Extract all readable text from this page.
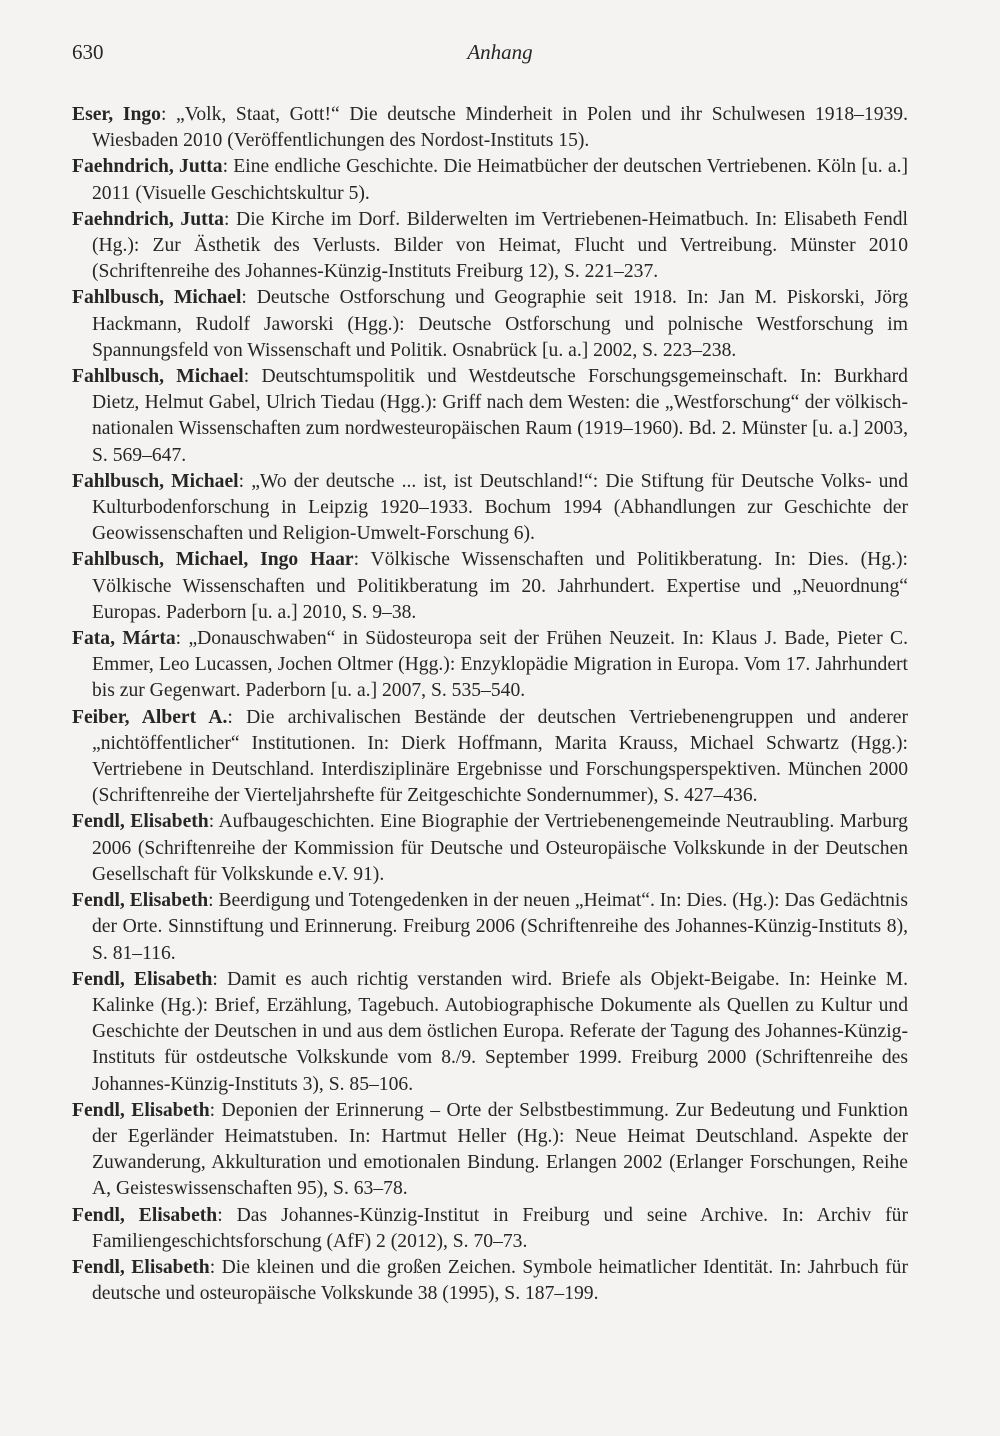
630	Anhang

Eser, Ingo: „Volk, Staat, Gott!“ Die deutsche Minderheit in Polen und ihr Schulwesen 1918–1939. Wiesbaden 2010 (Veröffentlichungen des Nordost-Instituts 15).

Faehndrich, Jutta: Eine endliche Geschichte. Die Heimatbücher der deutschen Vertriebenen. Köln [u. a.] 2011 (Visuelle Geschichtskultur 5).

Faehndrich, Jutta: Die Kirche im Dorf. Bilderwelten im Vertriebenen-Heimatbuch. In: Elisabeth Fendl (Hg.): Zur Ästhetik des Verlusts. Bilder von Heimat, Flucht und Vertreibung. Münster 2010 (Schriftenreihe des Johannes-Künzig-Instituts Freiburg 12), S. 221–237.

Fahlbusch, Michael: Deutsche Ostforschung und Geographie seit 1918. In: Jan M. Piskorski, Jörg Hackmann, Rudolf Jaworski (Hgg.): Deutsche Ostforschung und polnische Westforschung im Spannungsfeld von Wissenschaft und Politik. Osnabrück [u. a.] 2002, S. 223–238.

Fahlbusch, Michael: Deutschtumspolitik und Westdeutsche Forschungsgemeinschaft. In: Burkhard Dietz, Helmut Gabel, Ulrich Tiedau (Hgg.): Griff nach dem Westen: die „Westforschung“ der völkisch-nationalen Wissenschaften zum nordwesteuropäischen Raum (1919–1960). Bd. 2. Münster [u. a.] 2003, S. 569–647.

Fahlbusch, Michael: „Wo der deutsche ... ist, ist Deutschland!“: Die Stiftung für Deutsche Volks- und Kulturbodenforschung in Leipzig 1920–1933. Bochum 1994 (Abhandlungen zur Geschichte der Geowissenschaften und Religion-Umwelt-Forschung 6).

Fahlbusch, Michael, Ingo Haar: Völkische Wissenschaften und Politikberatung. In: Dies. (Hg.): Völkische Wissenschaften und Politikberatung im 20. Jahrhundert. Expertise und „Neuordnung“ Europas. Paderborn [u. a.] 2010, S. 9–38.

Fata, Márta: „Donauschwaben“ in Südosteuropa seit der Frühen Neuzeit. In: Klaus J. Bade, Pieter C. Emmer, Leo Lucassen, Jochen Oltmer (Hgg.): Enzyklopädie Migration in Europa. Vom 17. Jahrhundert bis zur Gegenwart. Paderborn [u. a.] 2007, S. 535–540.

Feiber, Albert A.: Die archivalischen Bestände der deutschen Vertriebenengruppen und anderer „nichtöffentlicher“ Institutionen. In: Dierk Hoffmann, Marita Krauss, Michael Schwartz (Hgg.): Vertriebene in Deutschland. Interdisziplinäre Ergebnisse und Forschungsperspektiven. München 2000 (Schriftenreihe der Vierteljahrshefte für Zeitgeschichte Sondernummer), S. 427–436.

Fendl, Elisabeth: Aufbaugeschichten. Eine Biographie der Vertriebenengemeinde Neutraubling. Marburg 2006 (Schriftenreihe der Kommission für Deutsche und Osteuropäische Volkskunde in der Deutschen Gesellschaft für Volkskunde e.V. 91).

Fendl, Elisabeth: Beerdigung und Totengedenken in der neuen „Heimat“. In: Dies. (Hg.): Das Gedächtnis der Orte. Sinnstiftung und Erinnerung. Freiburg 2006 (Schriftenreihe des Johannes-Künzig-Instituts 8), S. 81–116.

Fendl, Elisabeth: Damit es auch richtig verstanden wird. Briefe als Objekt-Beigabe. In: Heinke M. Kalinke (Hg.): Brief, Erzählung, Tagebuch. Autobiographische Dokumente als Quellen zu Kultur und Geschichte der Deutschen in und aus dem östlichen Europa. Referate der Tagung des Johannes-Künzig-Instituts für ostdeutsche Volkskunde vom 8./9. September 1999. Freiburg 2000 (Schriftenreihe des Johannes-Künzig-Instituts 3), S. 85–106.

Fendl, Elisabeth: Deponien der Erinnerung – Orte der Selbstbestimmung. Zur Bedeutung und Funktion der Egerländer Heimatstuben. In: Hartmut Heller (Hg.): Neue Heimat Deutschland. Aspekte der Zuwanderung, Akkulturation und emotionalen Bindung. Erlangen 2002 (Erlanger Forschungen, Reihe A, Geisteswissenschaften 95), S. 63–78.

Fendl, Elisabeth: Das Johannes-Künzig-Institut in Freiburg und seine Archive. In: Archiv für Familiengeschichtsforschung (AfF) 2 (2012), S. 70–73.

Fendl, Elisabeth: Die kleinen und die großen Zeichen. Symbole heimatlicher Identität. In: Jahrbuch für deutsche und osteuropäische Volkskunde 38 (1995), S. 187–199.
